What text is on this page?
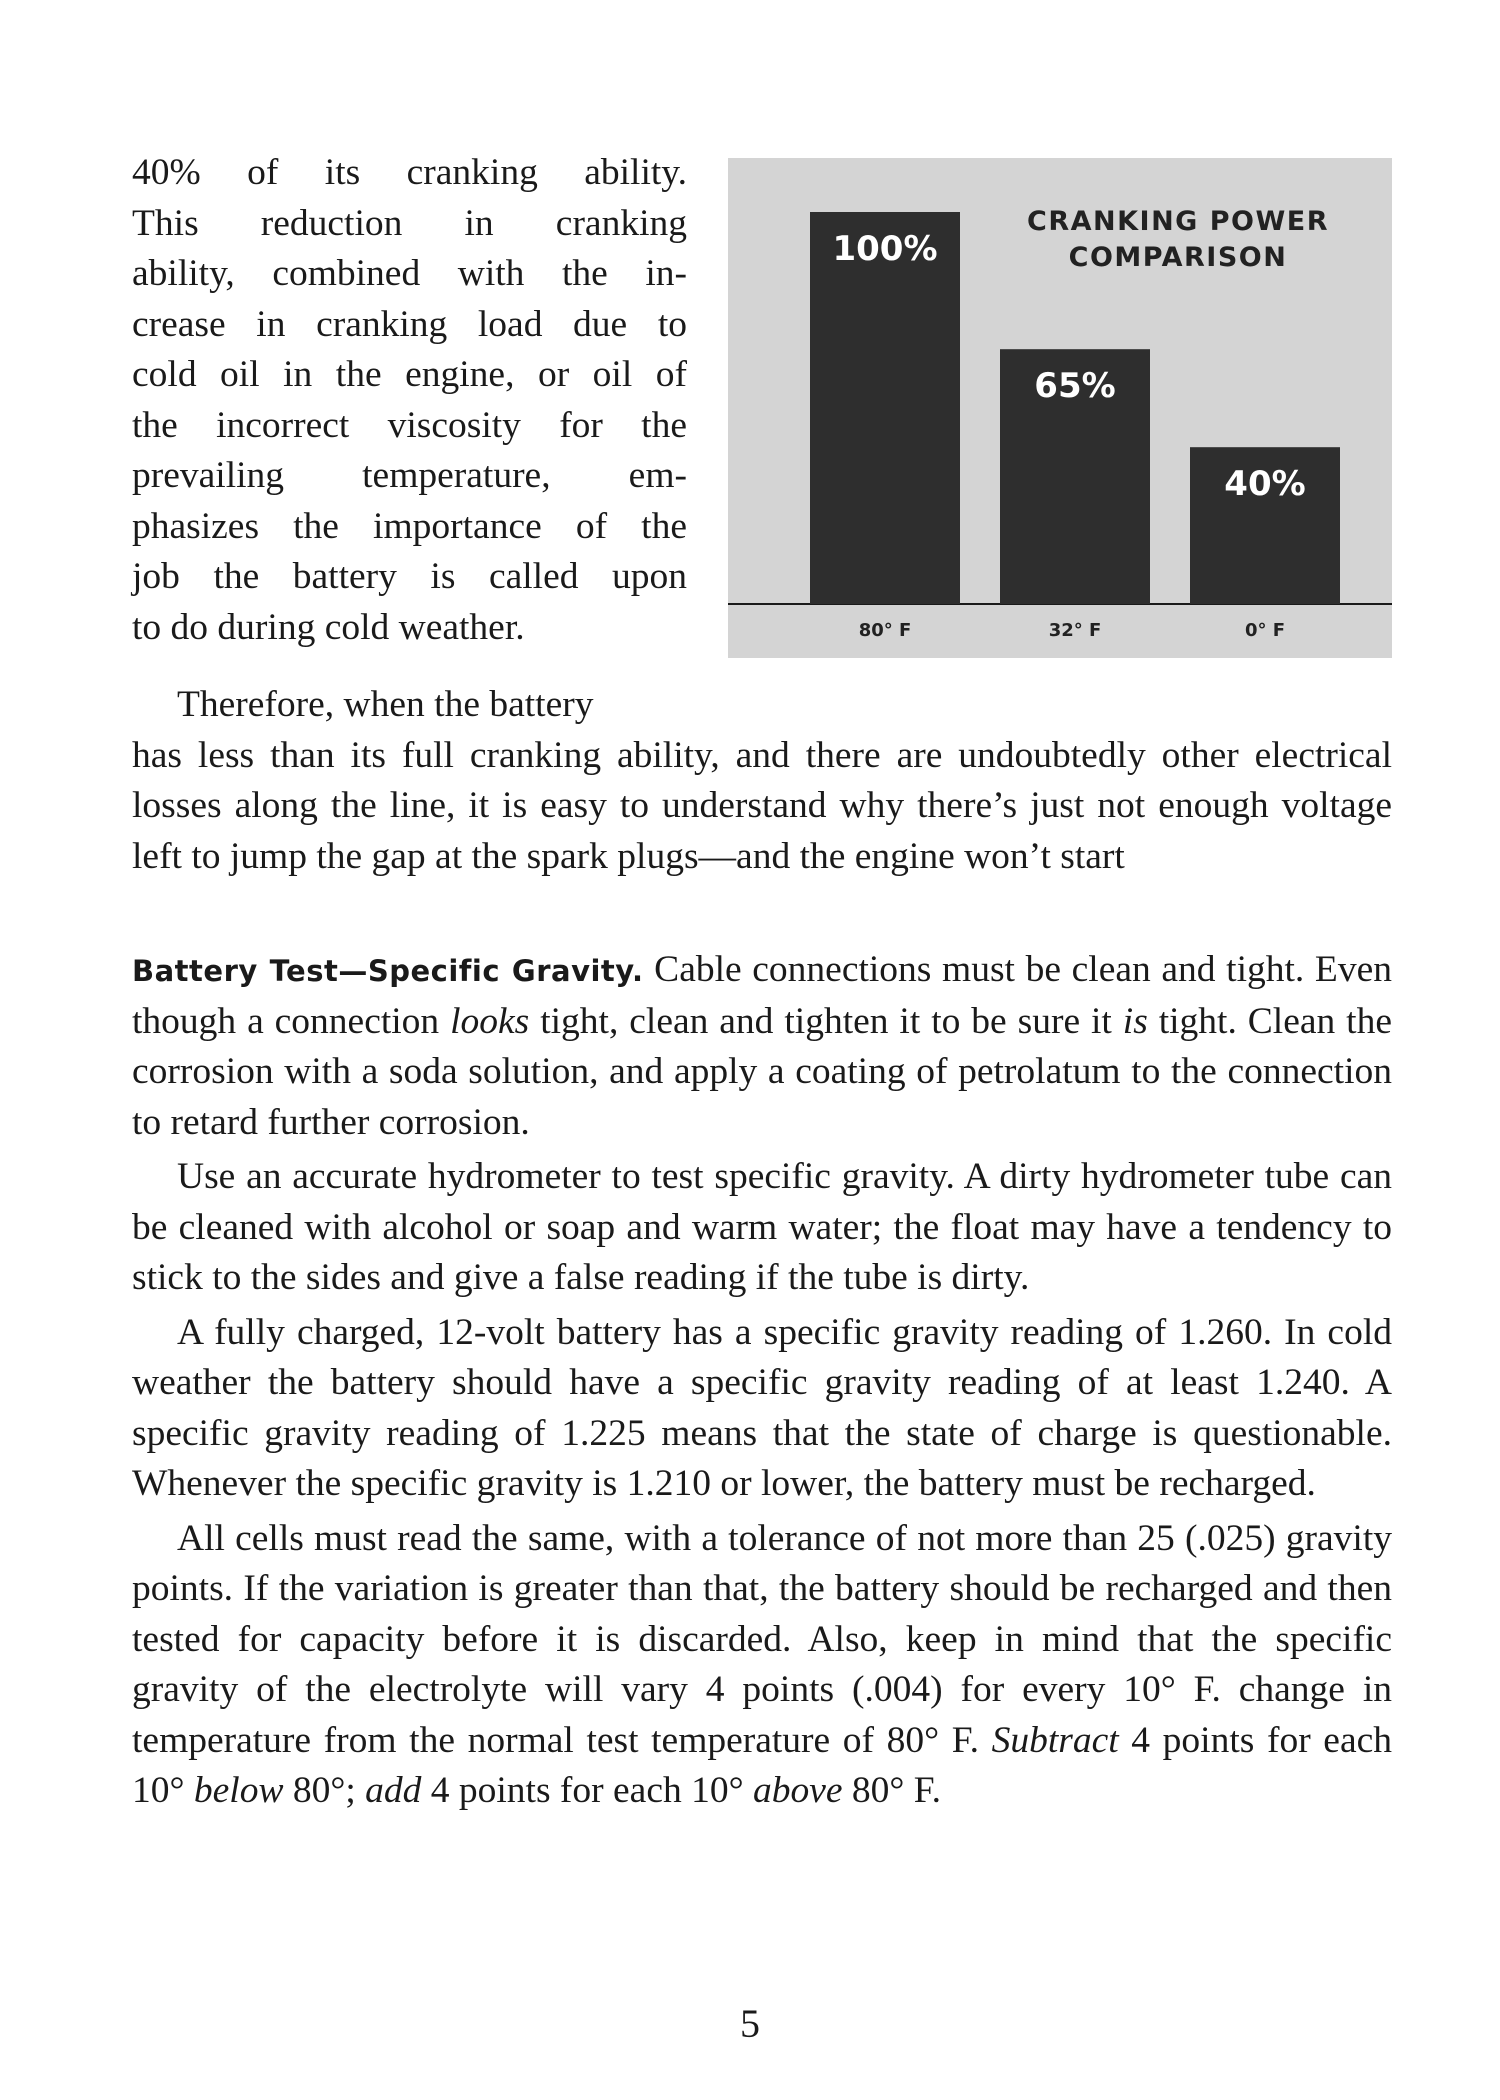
40% of its cranking ability.
This reduction in cranking
ability, combined with the in-
crease in cranking load due to
cold oil in the engine, or oil of
the incorrect viscosity for the
prevailing temperature, em-
phasizes the importance of the
job the battery is called upon
to do during cold weather.
100%
80° F
65%
32° F
40%
0° F
CRANKING POWER
COMPARISON
Therefore, when the battery

has less than its full cranking ability, and there are undoubtedly other electrical losses along the line, it is easy to understand why there’s just not enough voltage left to jump the gap at the spark plugs—and the engine won’t start

Battery Test—Specific Gravity. Cable connections must be clean and tight. Even though a connection looks tight, clean and tighten it to be sure it is tight. Clean the corrosion with a soda solution, and apply a coating of petrolatum to the connection to retard further corrosion.

Use an accurate hydrometer to test specific gravity. A dirty hydrometer tube can be cleaned with alcohol or soap and warm water; the float may have a tendency to stick to the sides and give a false reading if the tube is dirty.

A fully charged, 12-volt battery has a specific gravity reading of 1.260. In cold weather the battery should have a specific gravity reading of at least 1.240. A specific gravity reading of 1.225 means that the state of charge is questionable. Whenever the specific gravity is 1.210 or lower, the battery must be recharged.

All cells must read the same, with a tolerance of not more than 25 (.025) gravity points. If the variation is greater than that, the battery should be recharged and then tested for capacity before it is discarded. Also, keep in mind that the specific gravity of the electrolyte will vary 4 points (.004) for every 10° F. change in temperature from the normal test temperature of 80° F. Subtract 4 points for each 10° below 80°; add 4 points for each 10° above 80° F.

5
